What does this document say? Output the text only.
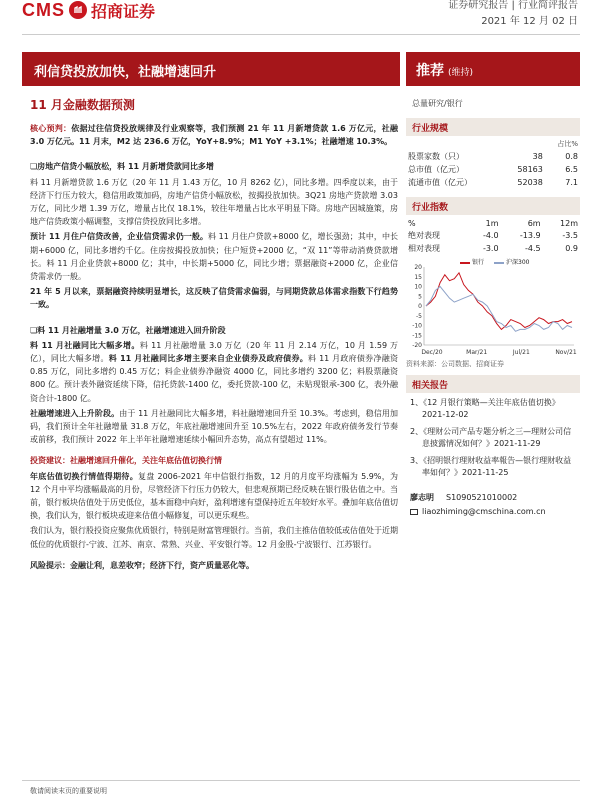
CMS 招商证券	证券研究报告 | 行业简评报告
2021 年 12 月 02 日
利信贷投放加快，社融增速回升	推荐 (维持)
11 月金融数据预测	总量研究/银行

核心预判：依据过往信贷投放规律及行业观察等，我们预测 21 年 11 月新增贷款 1.6 万亿元，社融 3.0 万亿元。11 月末，M2 达 236.6 万亿，YoY+8.9%；M1 YoY +3.1%；社融增速 10.3%。

❏房地产信贷小幅放松，料 11 月新增贷款同比多增

料 11 月新增贷款 1.6 万亿（20 年 11 月 1.43 万亿，10 月 8262 亿），同比多增。四季度以来，由于经济下行压力较大，稳信用政策加码，房地产信贷小幅放松，按揭投放加快。3Q21 房地产贷款增 3.03 万亿，同比少增 1.39 万亿，增量占比仅 18.1%，较往年增量占比水平明显下降。房地产因城施策，房地产信贷政策小幅调整，支撑信贷投放同比多增。

预计 11 月住户信贷改善，企业信贷需求仍一般。料 11 月住户贷款+8000 亿，增长强劲；其中，中长期+6000 亿，同比多增约千亿。住房按揭投放加快；住户短贷+2000 亿，“双 11”等带动消费贷款增长。料 11 月企业贷款+8000 亿；其中，中长期+5000 亿，同比少增；票据融资+2000 亿，企业信贷需求仍一般。

21 年 5 月以来，票据融资持续明显增长，这反映了信贷需求偏弱，与同期贷款总体需求指数下行趋势一致。

❏料 11 月社融增量 3.0 万亿，社融增速进入回升阶段

料 11 月社融同比大幅多增。料 11 月社融增量 3.0 万亿（20 年 11 月 2.14 万亿，10 月 1.59 万亿），同比大幅多增。料 11 月社融同比多增主要来自企业债券及政府债券。料 11 月政府债券净融资 0.85 万亿，同比多增约 0.45 万亿；料企业债券净融资 4000 亿，同比多增约 3200 亿；料股票融资 800 亿。预计表外融资延续下降，信托贷款-1400 亿，委托贷款-100 亿，未贴现银承-300 亿，表外融资合计-1800 亿。

社融增速进入上升阶段。由于 11 月社融同比大幅多增，料社融增速回升至 10.3%。考虑到，稳信用加码，我们预计全年社融增量 31.8 万亿，年底社融增速回升至 10.5%左右，2022 年政府债务发行节奏或前移，我们预计 2022 年上半年社融增速延续小幅回升态势，高点有望超过 11%。

投资建议：社融增速回升催化，关注年底估值切换行情

年底估值切换行情值得期待。复盘 2006-2021 年中信银行指数，12 月的月度平均涨幅为 5.9%，为 12 个月中平均涨幅最高的月份，尽管经济下行压力仍较大，但悲观预期已经反映在银行股估值之中。当前，银行板块估值处于历史低位，基本面稳中向好，盈利增速有望保持近五年较好水平。叠加年底估值切换，我们认为，银行板块或迎来估值小幅修复，可以更乐观些。

我们认为，银行股投资应聚焦优质银行，特别是财富管理银行。当前，我们主推估值较低或估值处于近期低位的优质银行-宁波、江苏、南京、常熟、兴业、平安银行等。12 月金股-宁波银行、江苏银行。

风险提示：金融让利，息差收窄；经济下行，资产质量恶化等。

行业规模
		占比%
股票家数（只）	38	0.8
总市值（亿元）	58163	6.5
流通市值（亿元）	52038	7.1
行业指数
%	1m	6m	12m
绝对表现	-4.0	-13.9	-3.5
相对表现	-3.0	-4.5	0.9
银行	沪深300
20
15
10
5
0
-5
-10
-15
-20
Dec/20	Mar/21	Jul/21	Nov/21
资料来源：公司数据、招商证券
相关报告
1、《12 月银行策略—关注年底估值切换》2021-12-02
2、《理财公司产品专题分析之三—理财公司信息披露情况如何？》2021-11-29
3、《招明银行理财收益率報告—银行理财收益率如何？》2021-11-25
廖志明 S1090521010002
liaozhiming@cmschina.com.cn
敬请阅读末页的重要说明
